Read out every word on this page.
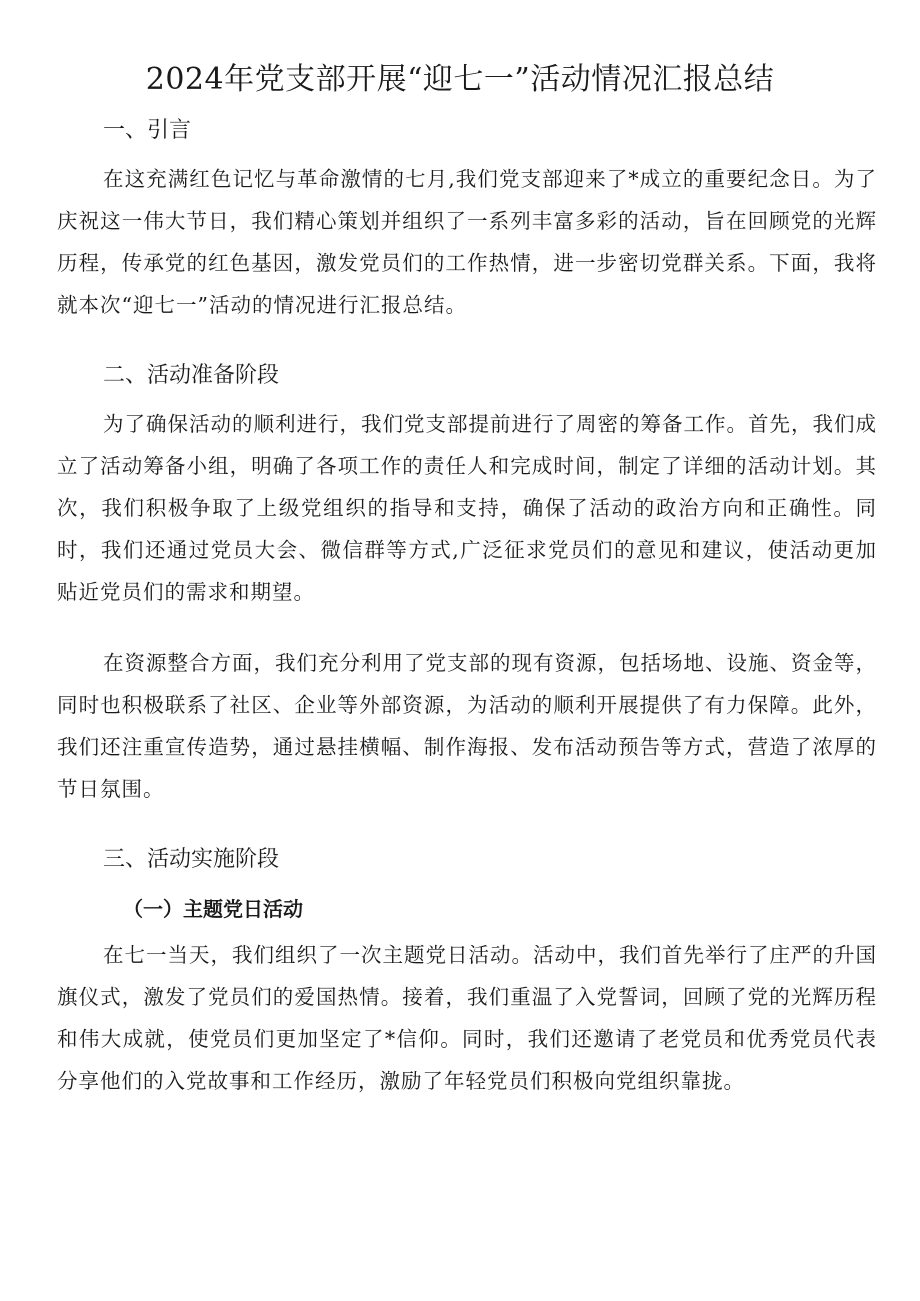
2024年党支部开展“迎七一”活动情况汇报总结
一、引言

在这充满红色记忆与革命激情的七月,我们党支部迎来了*成立的重要纪念日。为了庆祝这一伟大节日，我们精心策划并组织了一系列丰富多彩的活动，旨在回顾党的光辉历程，传承党的红色基因，激发党员们的工作热情，进一步密切党群关系。下面，我将就本次“迎七一”活动的情况进行汇报总结。

二、活动准备阶段

为了确保活动的顺利进行，我们党支部提前进行了周密的筹备工作。首先，我们成立了活动筹备小组，明确了各项工作的责任人和完成时间，制定了详细的活动计划。其次，我们积极争取了上级党组织的指导和支持，确保了活动的政治方向和正确性。同时，我们还通过党员大会、微信群等方式,广泛征求党员们的意见和建议，使活动更加贴近党员们的需求和期望。

在资源整合方面，我们充分利用了党支部的现有资源，包括场地、设施、资金等，同时也积极联系了社区、企业等外部资源，为活动的顺利开展提供了有力保障。此外，我们还注重宣传造势，通过悬挂横幅、制作海报、发布活动预告等方式，营造了浓厚的节日氛围。

三、活动实施阶段
（一）主题党日活动

在七一当天，我们组织了一次主题党日活动。活动中，我们首先举行了庄严的升国旗仪式，激发了党员们的爱国热情。接着，我们重温了入党誓词，回顾了党的光辉历程和伟大成就，使党员们更加坚定了*信仰。同时，我们还邀请了老党员和优秀党员代表分享他们的入党故事和工作经历，激励了年轻党员们积极向党组织靠拢。
